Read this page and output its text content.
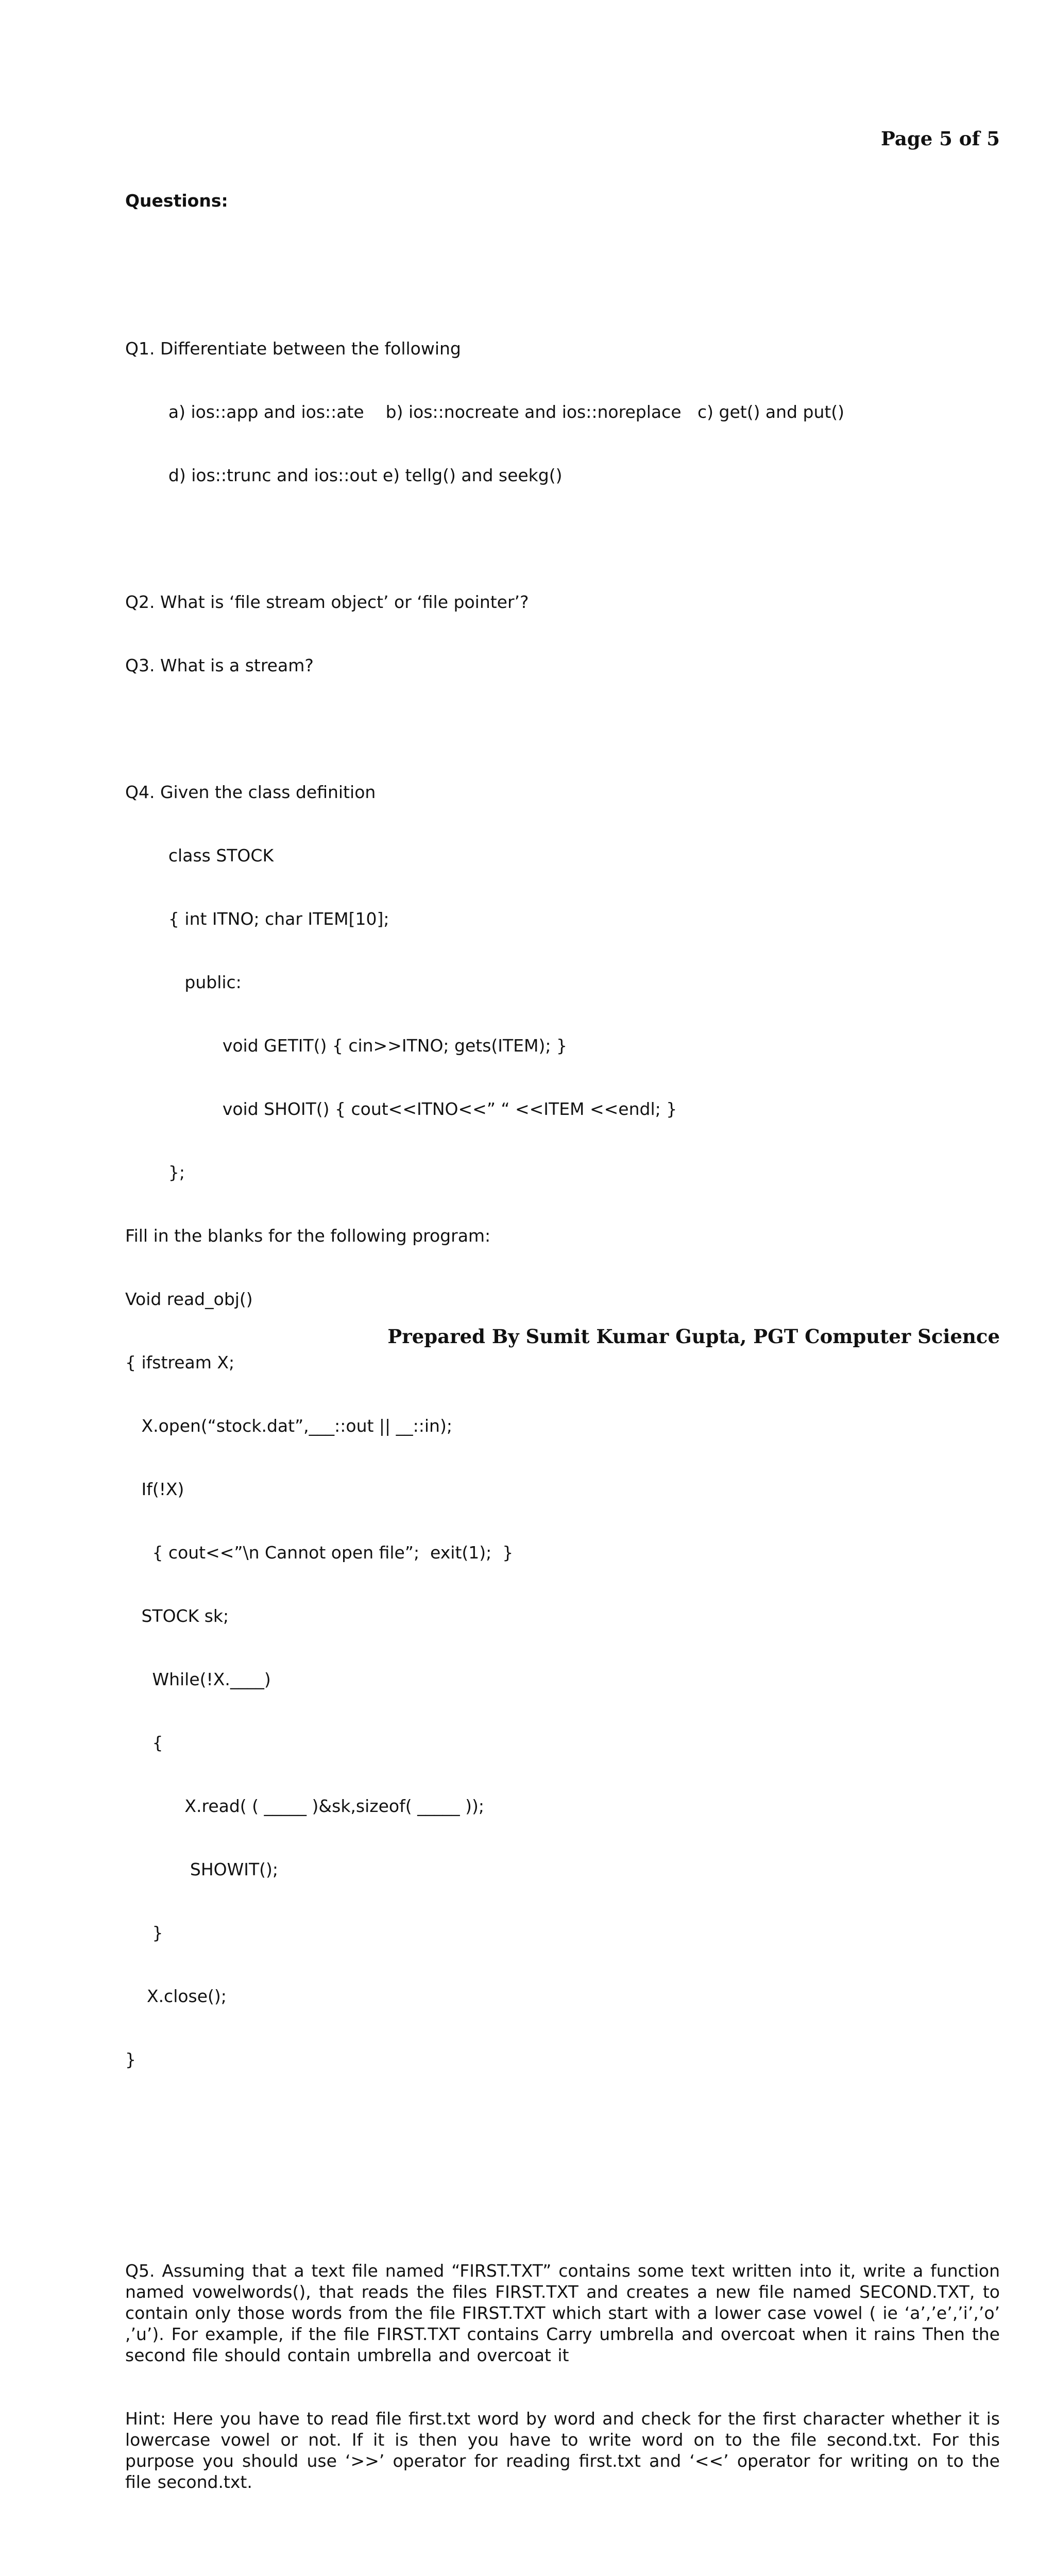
Page 5 of 5

Questions:

Q1. Differentiate between the following

a) ios::app and ios::ate    b) ios::nocreate and ios::noreplace   c) get() and put()

d) ios::trunc and ios::out e) tellg() and seekg()

Q2. What is ‘file stream object’ or ‘file pointer’?

Q3. What is a stream?

Q4. Given the class definition

class STOCK

{ int ITNO; char ITEM[10];

public:

void GETIT() { cin>>ITNO; gets(ITEM); }

void SHOIT() { cout<<ITNO<<” “ <<ITEM <<endl; }

};

Fill in the blanks for the following program:

Void read_obj()

{ ifstream X;

X.open(“stock.dat”,___::out || __::in);

If(!X)

{ cout<<”\n Cannot open file”;  exit(1);  }

STOCK sk;

While(!X.____)

{

X.read( ( _____ )&sk,sizeof( _____ ));

SHOWIT();

}

X.close();

}

Q5. Assuming that a text file named “FIRST.TXT” contains some text written into it, write a function named vowelwords(), that reads the files FIRST.TXT and creates a new file named SECOND.TXT, to contain only those words from the file FIRST.TXT which start with a lower case vowel ( ie ‘a’,’e’,’i’,’o’ ,’u’). For example, if the file FIRST.TXT contains Carry umbrella and overcoat when it rains Then the second file should contain umbrella and overcoat it

Hint: Here you have to read file first.txt word by word and check for the first character whether it is lowercase vowel or not. If it is then you have to write word on to the file second.txt. For this purpose you should use ‘>>’ operator for reading first.txt and ‘<<’ operator for writing on to the file second.txt.

Prepared By Sumit Kumar Gupta, PGT Computer Science
